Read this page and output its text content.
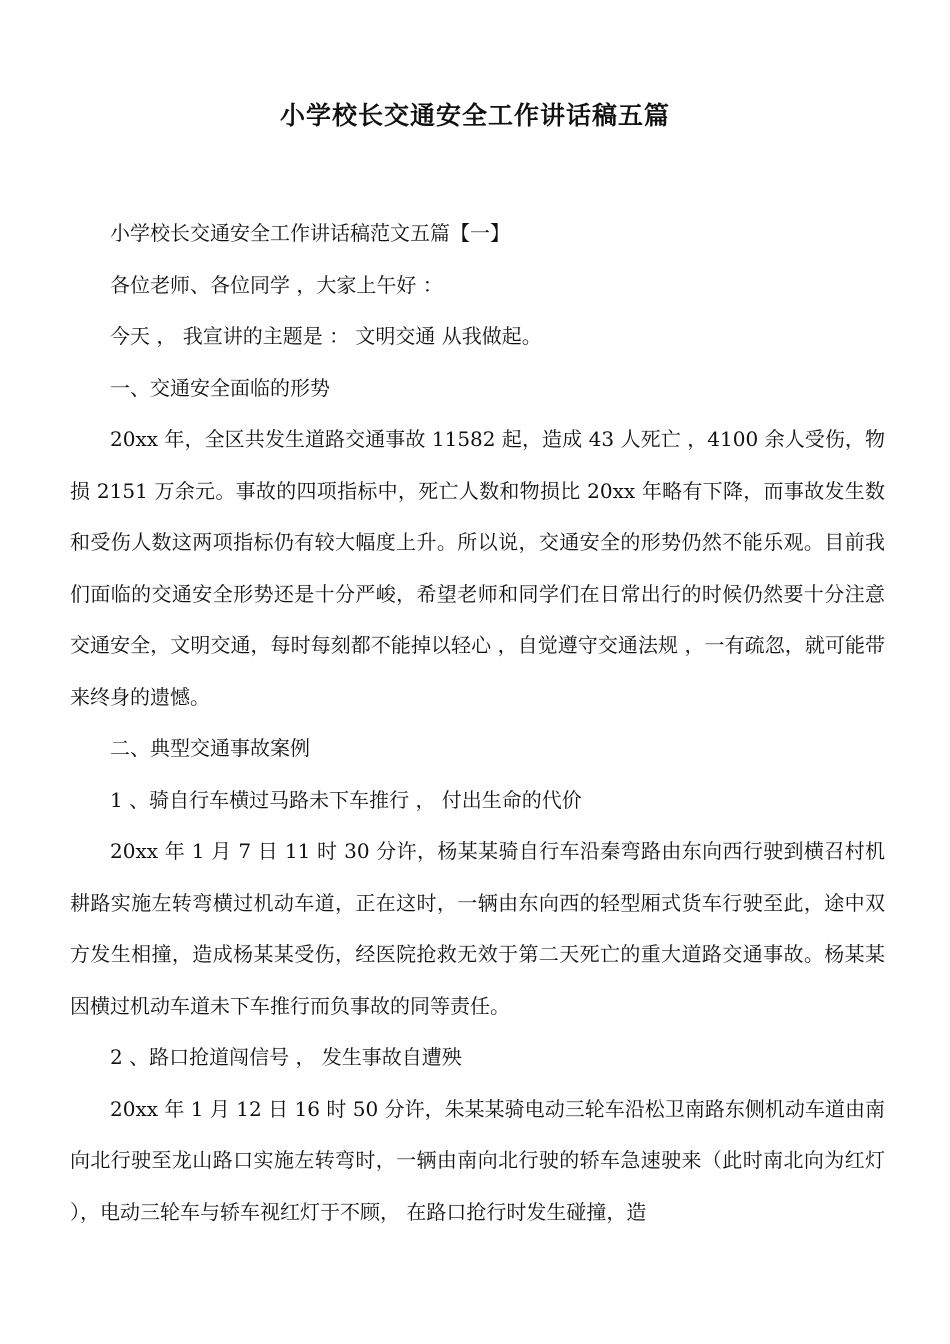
小学校长交通安全工作讲话稿五篇

小学校长交通安全工作讲话稿范文五篇【一】

各位老师、各位同学 ，大家上午好 ：

今天 ， 我宣讲的主题是 ： 文明交通 从我做起。

一、交通安全面临的形势

20xx 年，全区共发生道路交通事故 11582 起，造成 43 人死亡 ，4100 余人受伤，物损 2151 万余元。事故的四项指标中，死亡人数和物损比 20xx 年略有下降，而事故发生数和受伤人数这两项指标仍有较大幅度上升。所以说，交通安全的形势仍然不能乐观。目前我们面临的交通安全形势还是十分严峻，希望老师和同学们在日常出行的时候仍然要十分注意交通安全，文明交通，每时每刻都不能掉以轻心 ，自觉遵守交通法规 ，一有疏忽，就可能带来终身的遗憾。

二、典型交通事故案例

1 、骑自行车横过马路未下车推行 ， 付出生命的代价

20xx 年 1 月 7 日 11 时 30 分许，杨某某骑自行车沿秦弯路由东向西行驶到横召村机耕路实施左转弯横过机动车道，正在这时，一辆由东向西的轻型厢式货车行驶至此，途中双方发生相撞，造成杨某某受伤，经医院抢救无效于第二天死亡的重大道路交通事故。杨某某因横过机动车道未下车推行而负事故的同等责任。

2 、路口抢道闯信号 ， 发生事故自遭殃

20xx 年 1 月 12 日 16 时 50 分许，朱某某骑电动三轮车沿松卫南路东侧机动车道由南向北行驶至龙山路口实施左转弯时，一辆由南向北行驶的轿车急速驶来（此时南北向为红灯 ），电动三轮车与轿车视红灯于不顾， 在路口抢行时发生碰撞，造
